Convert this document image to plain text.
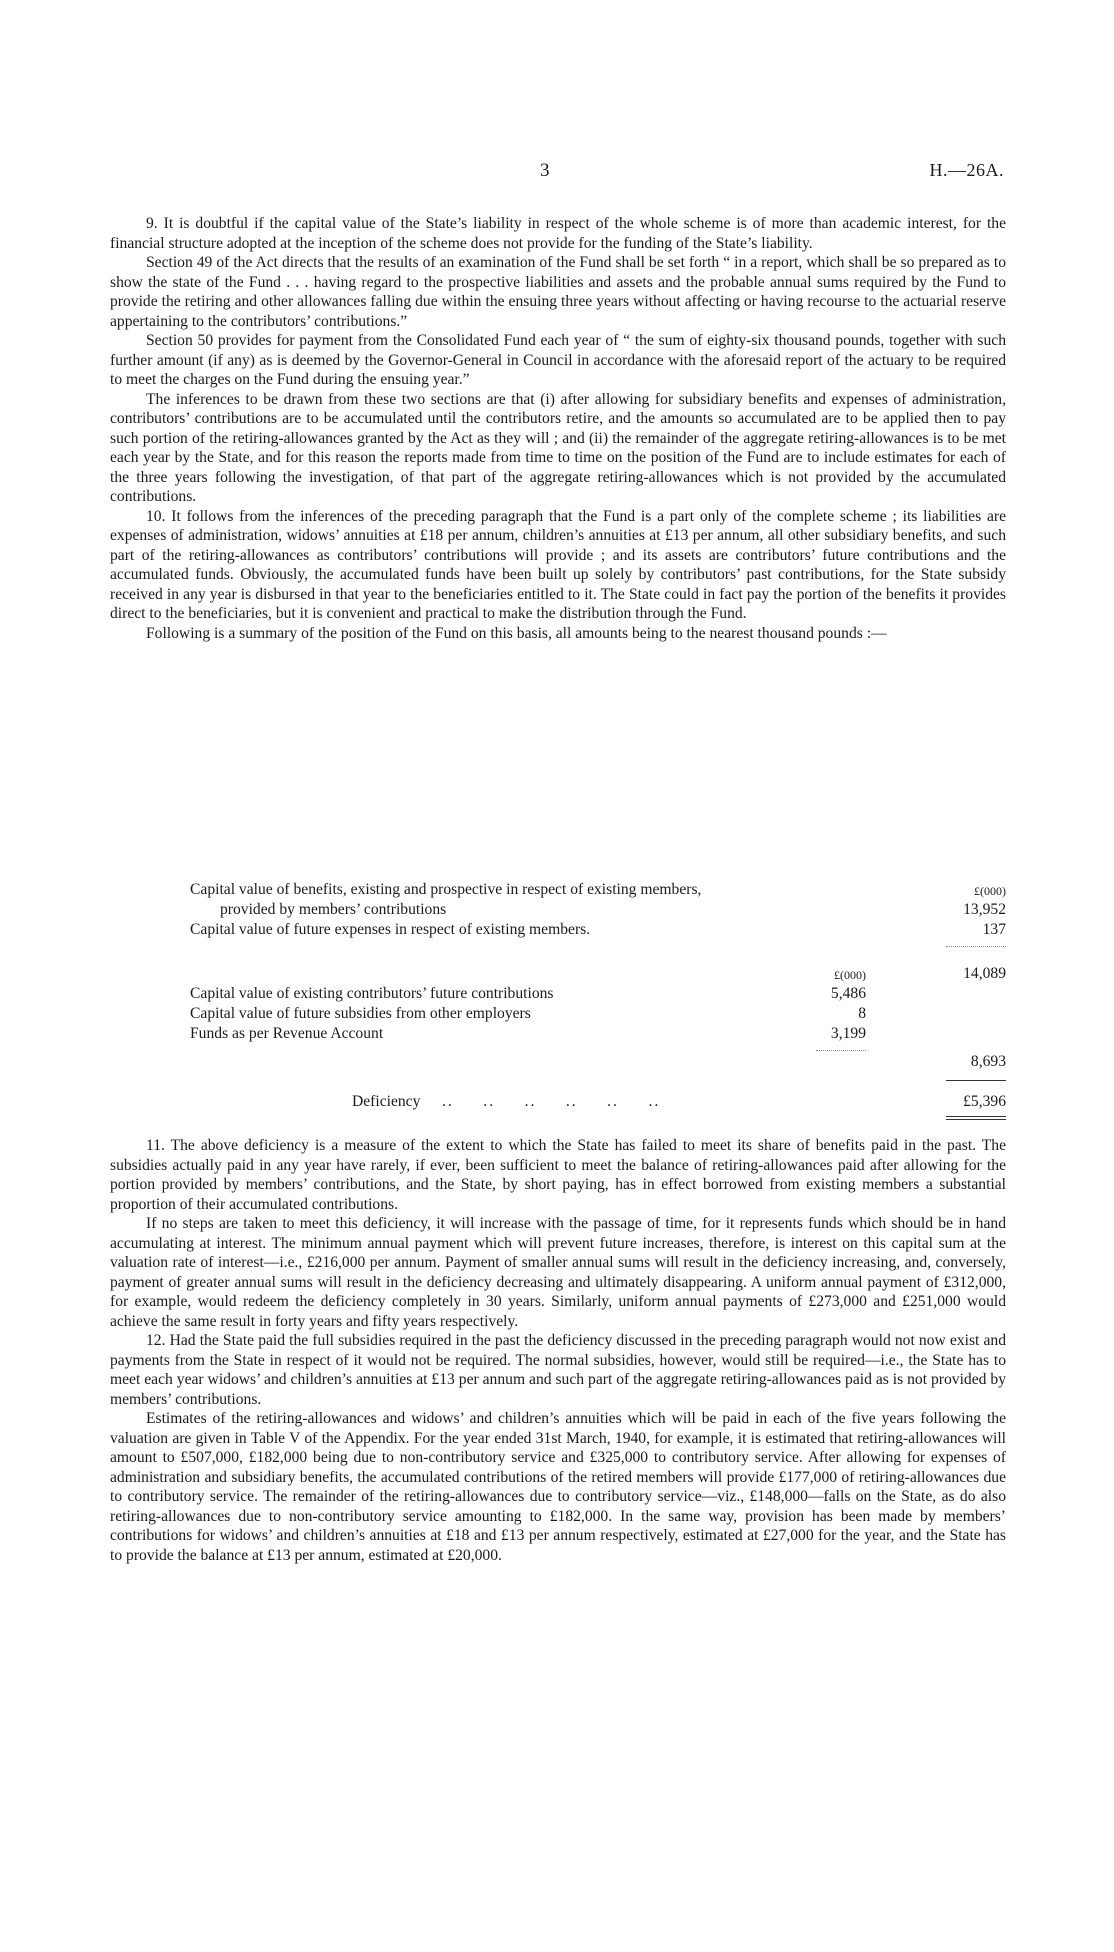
3	H.—26A.

9. It is doubtful if the capital value of the State’s liability in respect of the whole scheme is of more than academic interest, for the financial structure adopted at the inception of the scheme does not provide for the funding of the State’s liability.

Section 49 of the Act directs that the results of an examination of the Fund shall be set forth “ in a report, which shall be so prepared as to show the state of the Fund . . . having regard to the prospective liabilities and assets and the probable annual sums required by the Fund to provide the retiring and other allowances falling due within the ensuing three years without affecting or having recourse to the actuarial reserve appertaining to the contributors’ contributions.”

Section 50 provides for payment from the Consolidated Fund each year of “ the sum of eighty-six thousand pounds, together with such further amount (if any) as is deemed by the Governor-General in Council in accordance with the aforesaid report of the actuary to be required to meet the charges on the Fund during the ensuing year.”

The inferences to be drawn from these two sections are that (i) after allowing for subsidiary benefits and expenses of administration, contributors’ contributions are to be accumulated until the contributors retire, and the amounts so accumulated are to be applied then to pay such portion of the retiring-allowances granted by the Act as they will ; and (ii) the remainder of the aggregate retiring-allowances is to be met each year by the State, and for this reason the reports made from time to time on the position of the Fund are to include estimates for each of the three years following the investigation, of that part of the aggregate retiring-allowances which is not provided by the accumulated contributions.

10. It follows from the inferences of the preceding paragraph that the Fund is a part only of the complete scheme ; its liabilities are expenses of administration, widows’ annuities at £18 per annum, children’s annuities at £13 per annum, all other subsidiary benefits, and such part of the retiring-allowances as contributors’ contributions will provide ; and its assets are contributors’ future contributions and the accumulated funds. Obviously, the accumulated funds have been built up solely by contributors’ past contributions, for the State subsidy received in any year is disbursed in that year to the beneficiaries entitled to it. The State could in fact pay the portion of the benefits it provides direct to the beneficiaries, but it is convenient and practical to make the distribution through the Fund.

Following is a summary of the position of the Fund on this basis, all amounts being to the nearest thousand pounds :—

Capital value of benefits, existing and prospective in respect of existing members,	£(000)
provided by members’ contributions	13,952
Capital value of future expenses in respect of existing members.	137
£(000)	14,089
Capital value of existing contributors’ future contributions	5,486
Capital value of future subsidies from other employers	8
Funds as per Revenue Account	3,199
8,693
Deficiency ..     ..     ..     ..     ..     ..	£5,396

11. The above deficiency is a measure of the extent to which the State has failed to meet its share of benefits paid in the past. The subsidies actually paid in any year have rarely, if ever, been sufficient to meet the balance of retiring-allowances paid after allowing for the portion provided by members’ contributions, and the State, by short paying, has in effect borrowed from existing members a substantial proportion of their accumulated contributions.

If no steps are taken to meet this deficiency, it will increase with the passage of time, for it represents funds which should be in hand accumulating at interest. The minimum annual payment which will prevent future increases, therefore, is interest on this capital sum at the valuation rate of interest—i.e., £216,000 per annum. Payment of smaller annual sums will result in the deficiency increasing, and, conversely, payment of greater annual sums will result in the deficiency decreasing and ultimately disappearing. A uniform annual payment of £312,000, for example, would redeem the deficiency completely in 30 years. Similarly, uniform annual payments of £273,000 and £251,000 would achieve the same result in forty years and fifty years respectively.

12. Had the State paid the full subsidies required in the past the deficiency discussed in the preceding paragraph would not now exist and payments from the State in respect of it would not be required. The normal subsidies, however, would still be required—i.e., the State has to meet each year widows’ and children’s annuities at £13 per annum and such part of the aggregate retiring-allowances paid as is not provided by members’ contributions.

Estimates of the retiring-allowances and widows’ and children’s annuities which will be paid in each of the five years following the valuation are given in Table V of the Appendix. For the year ended 31st March, 1940, for example, it is estimated that retiring-allowances will amount to £507,000, £182,000 being due to non-contributory service and £325,000 to contributory service. After allowing for expenses of administration and subsidiary benefits, the accumulated contributions of the retired members will provide £177,000 of retiring-allowances due to contributory service. The remainder of the retiring-allowances due to contributory service—viz., £148,000—falls on the State, as do also retiring-allowances due to non-contributory service amounting to £182,000. In the same way, provision has been made by members’ contributions for widows’ and children’s annuities at £18 and £13 per annum respectively, estimated at £27,000 for the year, and the State has to provide the balance at £13 per annum, estimated at £20,000.
